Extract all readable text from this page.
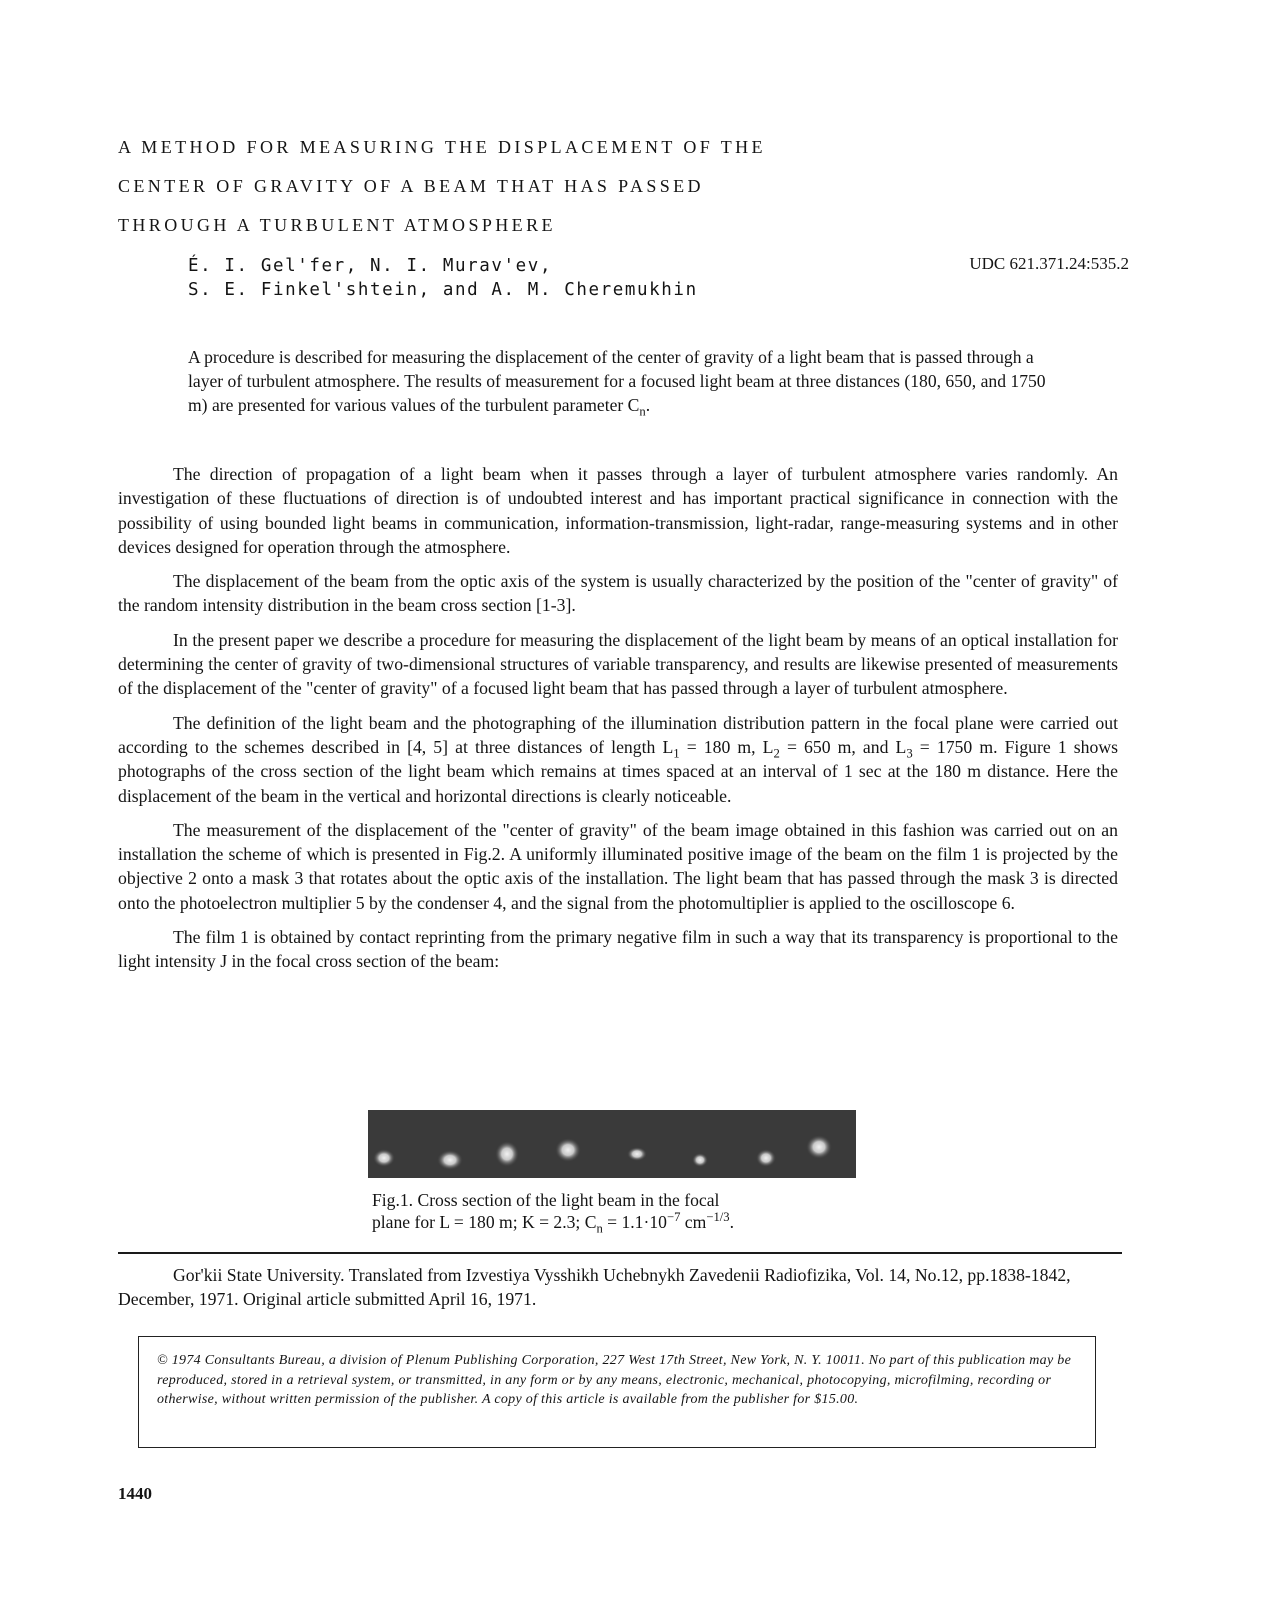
A METHOD FOR MEASURING THE DISPLACEMENT OF THE
CENTER OF GRAVITY OF A BEAM THAT HAS PASSED
THROUGH A TURBULENT ATMOSPHERE
É. I. Gel'fer, N. I. Murav'ev,
S. E. Finkel'shtein, and A. M. Cheremukhin
UDC 621.371.24:535.2

A procedure is described for measuring the displacement of the center of gravity of a light beam that is passed through a layer of turbulent atmosphere. The results of measurement for a focused light beam at three distances (180, 650, and 1750 m) are presented for various values of the turbulent parameter $C_n$.

The direction of propagation of a light beam when it passes through a layer of turbulent atmosphere varies randomly. An investigation of these fluctuations of direction is of undoubted interest and has important practical significance in connection with the possibility of using bounded light beams in communication, information-transmission, light-radar, range-measuring systems and in other devices designed for operation through the atmosphere.

The displacement of the beam from the optic axis of the system is usually characterized by the position of the "center of gravity" of the random intensity distribution in the beam cross section [1-3].

In the present paper we describe a procedure for measuring the displacement of the light beam by means of an optical installation for determining the center of gravity of two-dimensional structures of variable transparency, and results are likewise presented of measurements of the displacement of the "center of gravity" of a focused light beam that has passed through a layer of turbulent atmosphere.

The definition of the light beam and the photographing of the illumination distribution pattern in the focal plane were carried out according to the schemes described in [4, 5] at three distances of length $L_1 = 180$ m, $L_2 = 650$ m, and $L_3 = 1750$ m. Figure 1 shows photographs of the cross section of the light beam which remains at times spaced at an interval of 1 sec at the 180 m distance. Here the displacement of the beam in the vertical and horizontal directions is clearly noticeable.

The measurement of the displacement of the "center of gravity" of the beam image obtained in this fashion was carried out on an installation the scheme of which is presented in Fig.2. A uniformly illuminated positive image of the beam on the film 1 is projected by the objective 2 onto a mask 3 that rotates about the optic axis of the installation. The light beam that has passed through the mask 3 is directed onto the photoelectron multiplier 5 by the condenser 4, and the signal from the photomultiplier is applied to the oscilloscope 6.

The film 1 is obtained by contact reprinting from the primary negative film in such a way that its transparency is proportional to the light intensity J in the focal cross section of the beam:

Fig.1. Cross section of the light beam in the focal
plane for L = 180 m; K = 2.3; $C_n = 1.1\cdot 10^{-7}$ $cm^{-1/3}$.

Gor'kii State University. Translated from Izvestiya Vysshikh Uchebnykh Zavedenii Radiofizika, Vol. 14, No.12, pp.1838-1842, December, 1971. Original article submitted April 16, 1971.

© 1974 Consultants Bureau, a division of Plenum Publishing Corporation, 227 West 17th Street, New York, N. Y. 10011. No part of this publication may be reproduced, stored in a retrieval system, or transmitted, in any form or by any means, electronic, mechanical, photocopying, microfilming, recording or otherwise, without written permission of the publisher. A copy of this article is available from the publisher for $15.00.
1440
